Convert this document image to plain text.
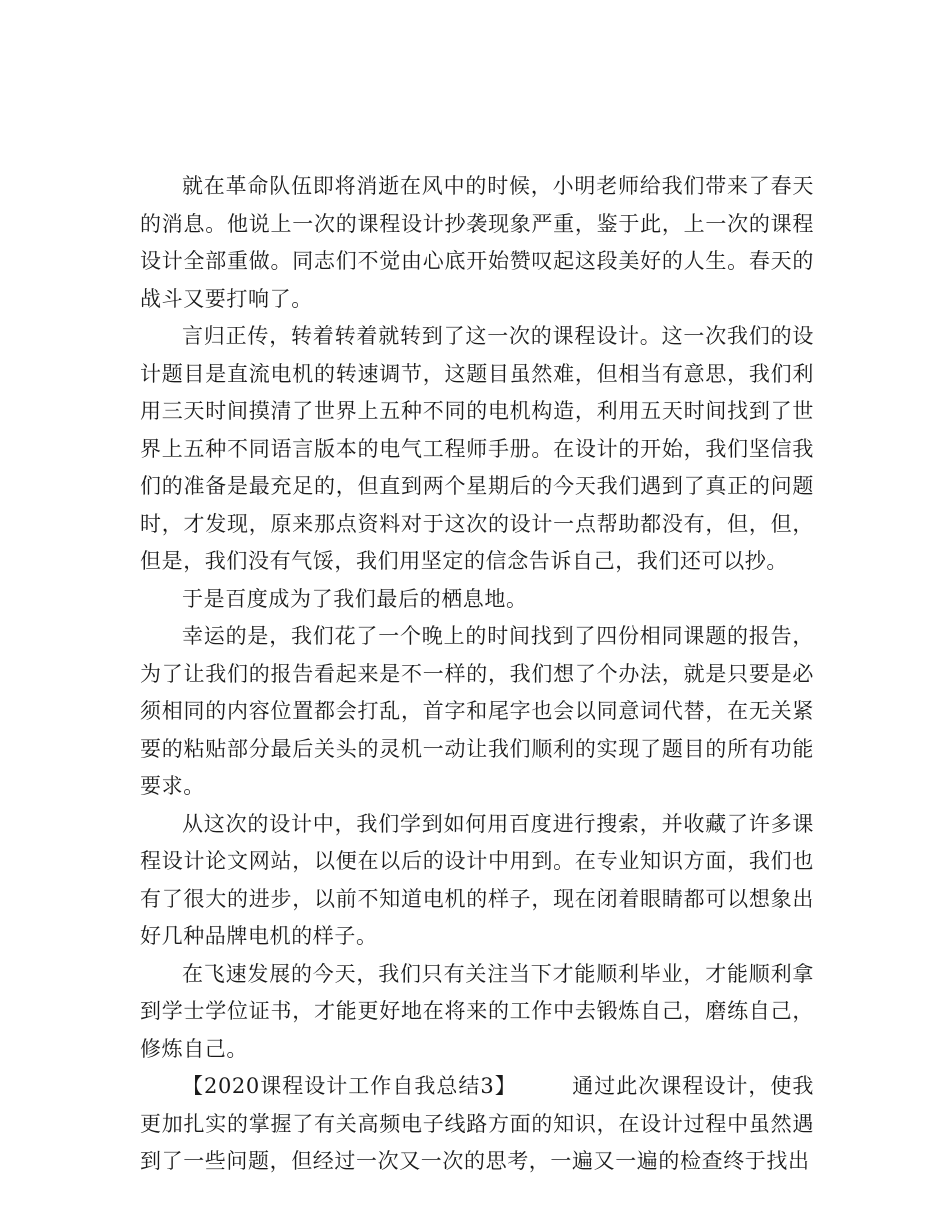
就在革命队伍即将消逝在风中的时候，小明老师给我们带来了春天的消息。他说上一次的课程设计抄袭现象严重，鉴于此，上一次的课程设计全部重做。同志们不觉由心底开始赞叹起这段美好的人生。春天的战斗又要打响了。

言归正传，转着转着就转到了这一次的课程设计。这一次我们的设计题目是直流电机的转速调节，这题目虽然难，但相当有意思，我们利用三天时间摸清了世界上五种不同的电机构造，利用五天时间找到了世界上五种不同语言版本的电气工程师手册。在设计的开始，我们坚信我们的准备是最充足的，但直到两个星期后的今天我们遇到了真正的问题时，才发现，原来那点资料对于这次的设计一点帮助都没有，但，但，但是，我们没有气馁，我们用坚定的信念告诉自己，我们还可以抄。

于是百度成为了我们最后的栖息地。

幸运的是，我们花了一个晚上的时间找到了四份相同课题的报告，为了让我们的报告看起来是不一样的，我们想了个办法，就是只要是必须相同的内容位置都会打乱，首字和尾字也会以同意词代替，在无关紧要的粘贴部分最后关头的灵机一动让我们顺利的实现了题目的所有功能要求。

从这次的设计中，我们学到如何用百度进行搜索，并收藏了许多课程设计论文网站，以便在以后的设计中用到。在专业知识方面，我们也有了很大的进步，以前不知道电机的样子，现在闭着眼睛都可以想象出好几种品牌电机的样子。

在飞速发展的今天，我们只有关注当下才能顺利毕业，才能顺利拿到学士学位证书，才能更好地在将来的工作中去锻炼自己，磨练自己，修炼自己。

【2020课程设计工作自我总结3】　　　	通过此次课程设计，使我更加扎实的掌握了有关高频电子线路方面的知识，在设计过程中虽然遇到了一些问题，但经过一次又一次的思考，一遍又一遍的检查终于找出
